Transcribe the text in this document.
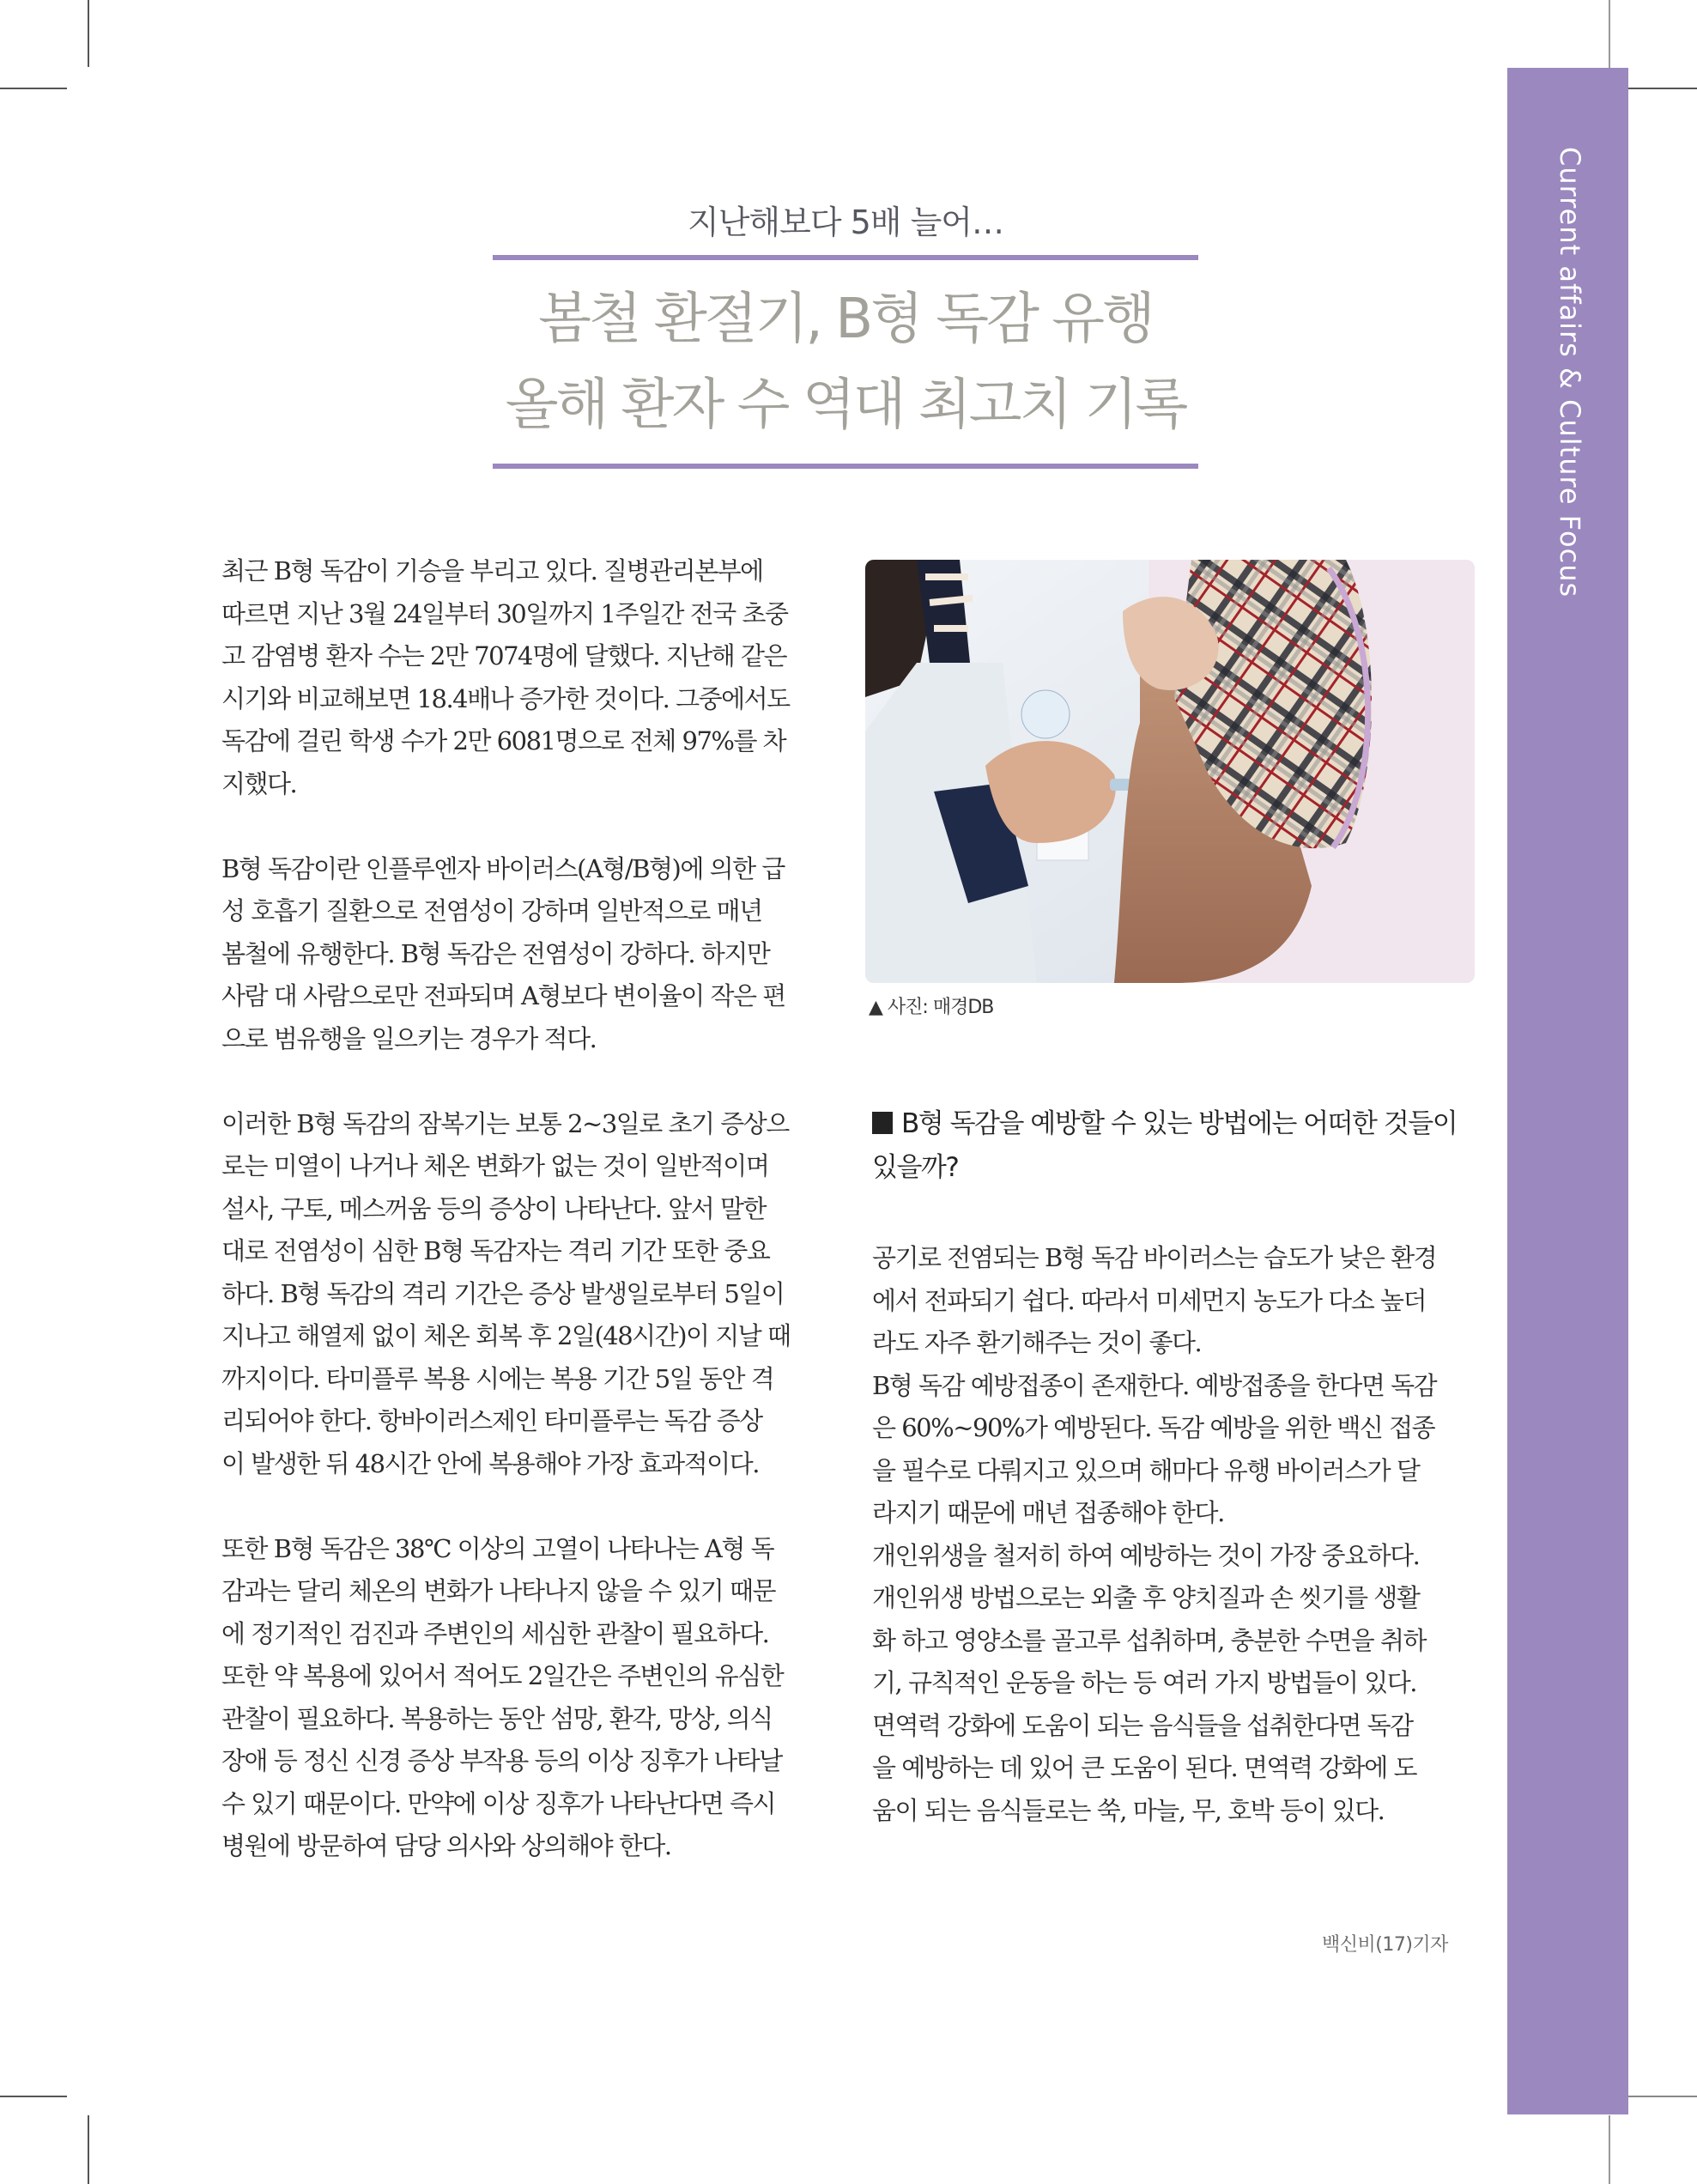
Current affairs & Culture Focus
지난해보다 5배 늘어…
봄철 환절기, B형 독감 유행
올해 환자 수 역대 최고치 기록

최근 B형 독감이 기승을 부리고 있다. 질병관리본부에
따르면 지난 3월 24일부터 30일까지 1주일간 전국 초중
고 감염병 환자 수는 2만 7074명에 달했다. 지난해 같은
시기와 비교해보면 18.4배나 증가한 것이다. 그중에서도
독감에 걸린 학생 수가 2만 6081명으로 전체 97%를 차
지했다.

B형 독감이란 인플루엔자 바이러스(A형/B형)에 의한 급
성 호흡기 질환으로 전염성이 강하며 일반적으로 매년
봄철에 유행한다. B형 독감은 전염성이 강하다. 하지만
사람 대 사람으로만 전파되며 A형보다 변이율이 작은 편
으로 범유행을 일으키는 경우가 적다.

이러한 B형 독감의 잠복기는 보통 2~3일로 초기 증상으
로는 미열이 나거나 체온 변화가 없는 것이 일반적이며
설사, 구토, 메스꺼움 등의 증상이 나타난다. 앞서 말한
대로 전염성이 심한 B형 독감자는 격리 기간 또한 중요
하다. B형 독감의 격리 기간은 증상 발생일로부터 5일이
지나고 해열제 없이 체온 회복 후 2일(48시간)이 지날 때
까지이다. 타미플루 복용 시에는 복용 기간 5일 동안 격
리되어야 한다. 항바이러스제인 타미플루는 독감 증상
이 발생한 뒤 48시간 안에 복용해야 가장 효과적이다.

또한 B형 독감은 38℃ 이상의 고열이 나타나는 A형 독
감과는 달리 체온의 변화가 나타나지 않을 수 있기 때문
에 정기적인 검진과 주변인의 세심한 관찰이 필요하다.
또한 약 복용에 있어서 적어도 2일간은 주변인의 유심한
관찰이 필요하다. 복용하는 동안 섬망, 환각, 망상, 의식
장애 등 정신 신경 증상 부작용 등의 이상 징후가 나타날
수 있기 때문이다. 만약에 이상 징후가 나타난다면 즉시
병원에 방문하여 담당 의사와 상의해야 한다.

▲ 사진: 매경DB
B형 독감을 예방할 수 있는 방법에는 어떠한 것들이
있을까?

공기로 전염되는 B형 독감 바이러스는 습도가 낮은 환경
에서 전파되기 쉽다. 따라서 미세먼지 농도가 다소 높더
라도 자주 환기해주는 것이 좋다.
B형 독감 예방접종이 존재한다. 예방접종을 한다면 독감
은 60%~90%가 예방된다. 독감 예방을 위한 백신 접종
을 필수로 다뤄지고 있으며 해마다 유행 바이러스가 달
라지기 때문에 매년 접종해야 한다.
개인위생을 철저히 하여 예방하는 것이 가장 중요하다.
개인위생 방법으로는 외출 후 양치질과 손 씻기를 생활
화 하고 영양소를 골고루 섭취하며, 충분한 수면을 취하
기, 규칙적인 운동을 하는 등 여러 가지 방법들이 있다.
면역력 강화에 도움이 되는 음식들을 섭취한다면 독감
을 예방하는 데 있어 큰 도움이 된다. 면역력 강화에 도
움이 되는 음식들로는 쑥, 마늘, 무, 호박 등이 있다.

백신비(17)기자
